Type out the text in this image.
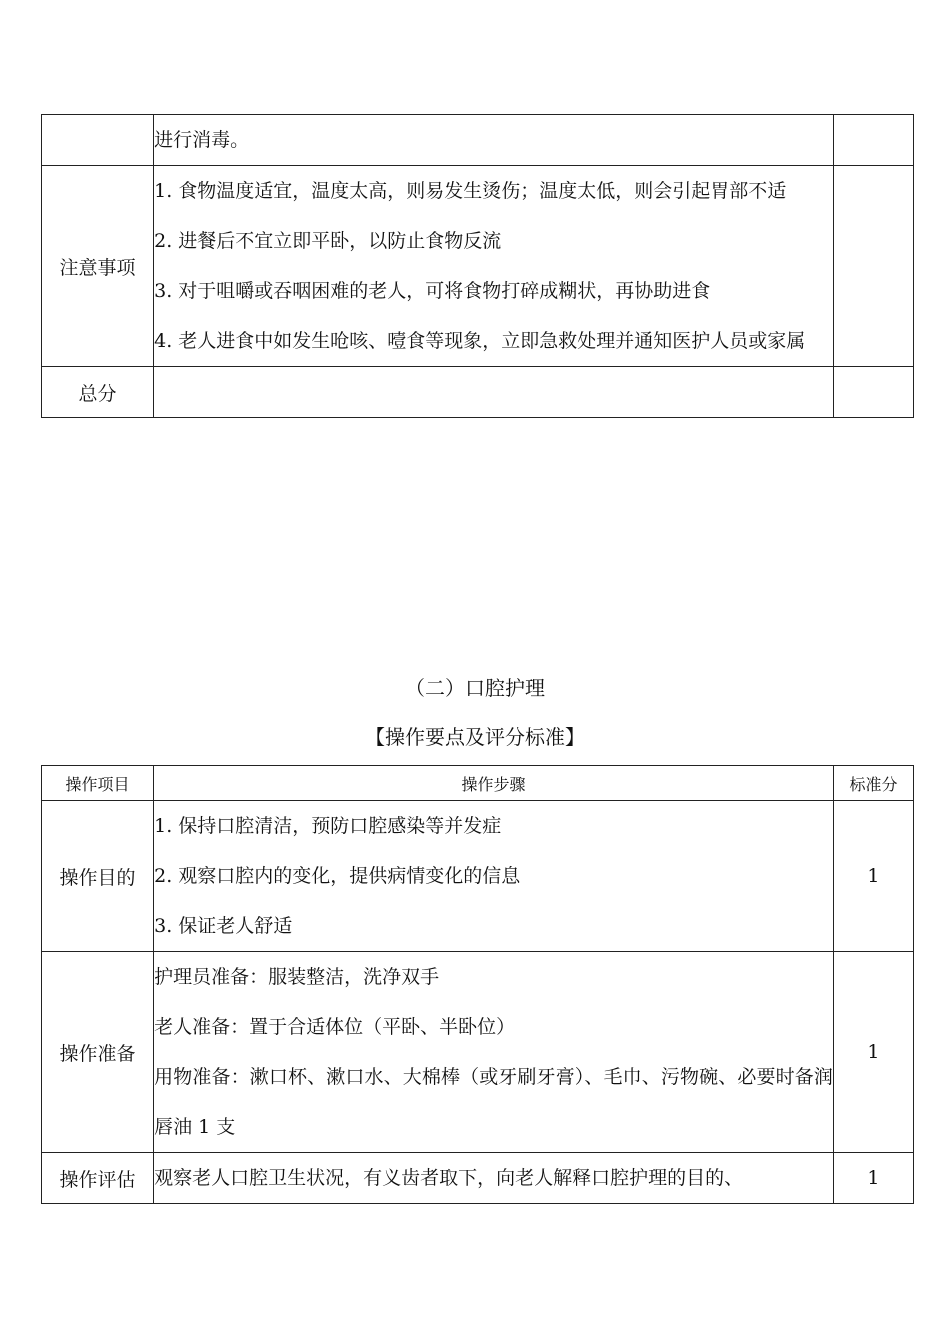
	进行消毒。	

注意事项	1. 食物温度适宜，温度太高，则易发生烫伤；温度太低，则会引起胃部不适

2. 进餐后不宜立即平卧，以防止食物反流

3. 对于咀嚼或吞咽困难的老人，可将食物打碎成糊状，再协助进食

4. 老人进食中如发生呛咳、噎食等现象，立即急救处理并通知医护人员或家属	

总分		
（二）口腔护理
【操作要点及评分标准】
操作项目	操作步骤	标准分
操作目的	1. 保持口腔清洁，预防口腔感染等并发症

2. 观察口腔内的变化，提供病情变化的信息

3. 保证老人舒适	1
操作准备	护理员准备：服装整洁，洗净双手

老人准备：置于合适体位（平卧、半卧位）

用物准备：漱口杯、漱口水、大棉棒（或牙刷牙膏）、毛巾、污物碗、必要时备润唇油 1 支	1
操作评估	观察老人口腔卫生状况，有义齿者取下，向老人解释口腔护理的目的、	1
